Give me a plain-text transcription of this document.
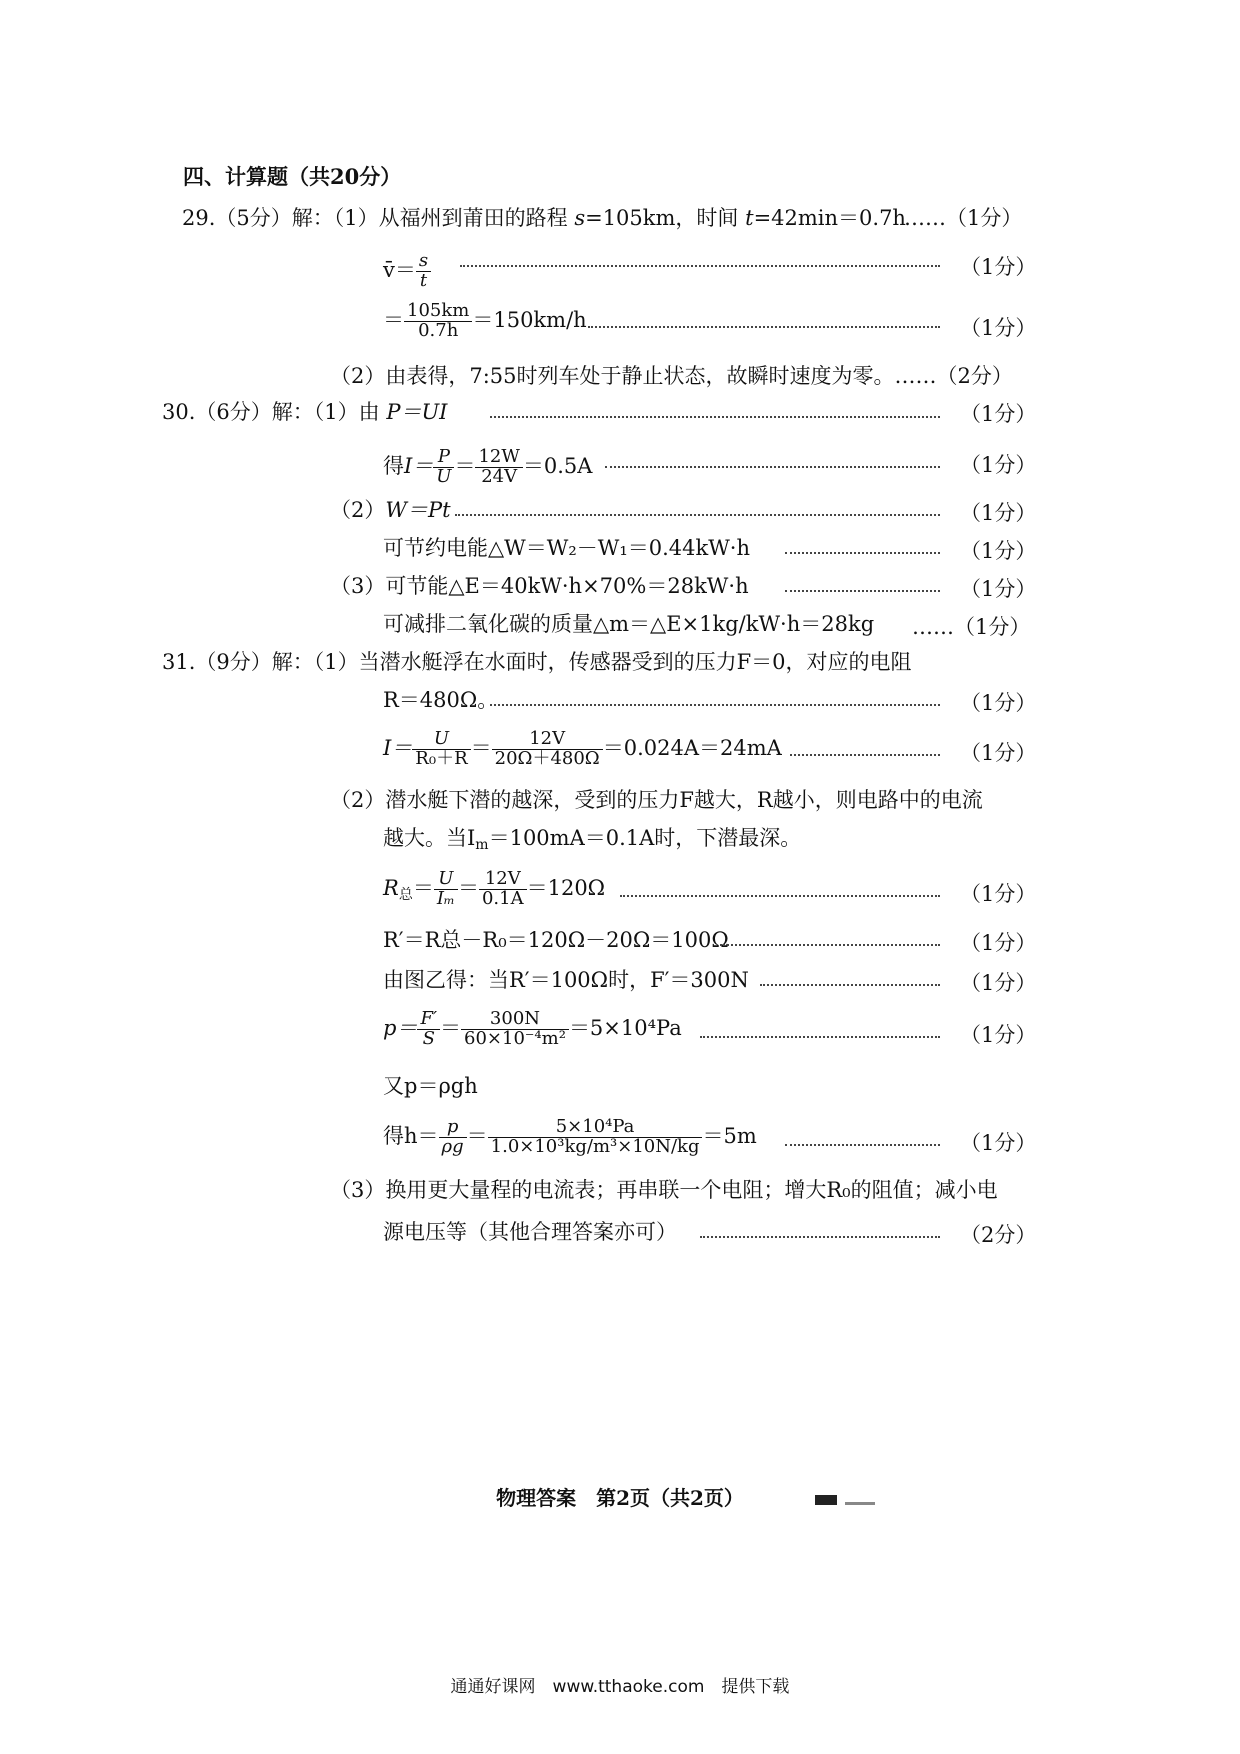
四、计算题（共20分）
29.（5分）解：（1）从福州到莆田的路程 s=105km，时间 t=42min＝0.7h
……（1分）
v̄＝ $\frac{s}{t}$	（1分）
＝ $\frac{105km}{0.7h} =150km/h$	（1分）
（2）由表得，7:55时列车处于静止状态，故瞬时速度为零。……（2分）
30.（6分）解：（1）由 P＝UI	（1分）
得$I= \frac{P}{U} = \frac{12W}{24V} =0.5A$	（1分）
（2）W＝Pt	（1分）
可节约电能△W＝W₂－W₁＝0.44kW·h	（1分）
（3）可节能△E＝40kW·h×70%＝28kW·h	（1分）
可减排二氧化碳的质量△m＝△E×1kg/kW·h＝28kg ……（1分）
31.（9分）解：（1）当潜水艇浮在水面时，传感器受到的压力F＝0，对应的电阻
R＝480Ω。	（1分）
$I= \frac{U}{\text{R₀＋R}} = \frac{12V}{20\Omega+480\Omega} =0.024A=24mA$	（1分）
（2）潜水艇下潜的越深，受到的压力F越大，R越小，则电路中的电流
越大。当$I_m=100mA=0.1A$时，下潜最深。
$R_总= \frac{U}{\text{Iₘ}} = \frac{12V}{0.1A} =120\Omega$	（1分）
R′＝R总－R₀＝120Ω－20Ω＝100Ω	（1分）
由图乙得：当R′＝100Ω时，F′＝300N	（1分）
$p= \frac{F'}{S} = \frac{300N}{\text{60×10⁻⁴m²}} =5\times 10^4Pa$	（1分）
又p＝ρgh
得$h= \frac{p}{\rho g} = \frac{\text{5×10⁴Pa}}{\text{1.0×10³kg/m³×10N/kg}} =5m$	（1分）
（3）换用更大量程的电流表；再串联一个电阻；增大R₀的阻值；减小电
源电压等（其他合理答案亦可）	（2分）
物理答案　第2页（共2页）
通通好课网　www.tthaoke.com　提供下载
